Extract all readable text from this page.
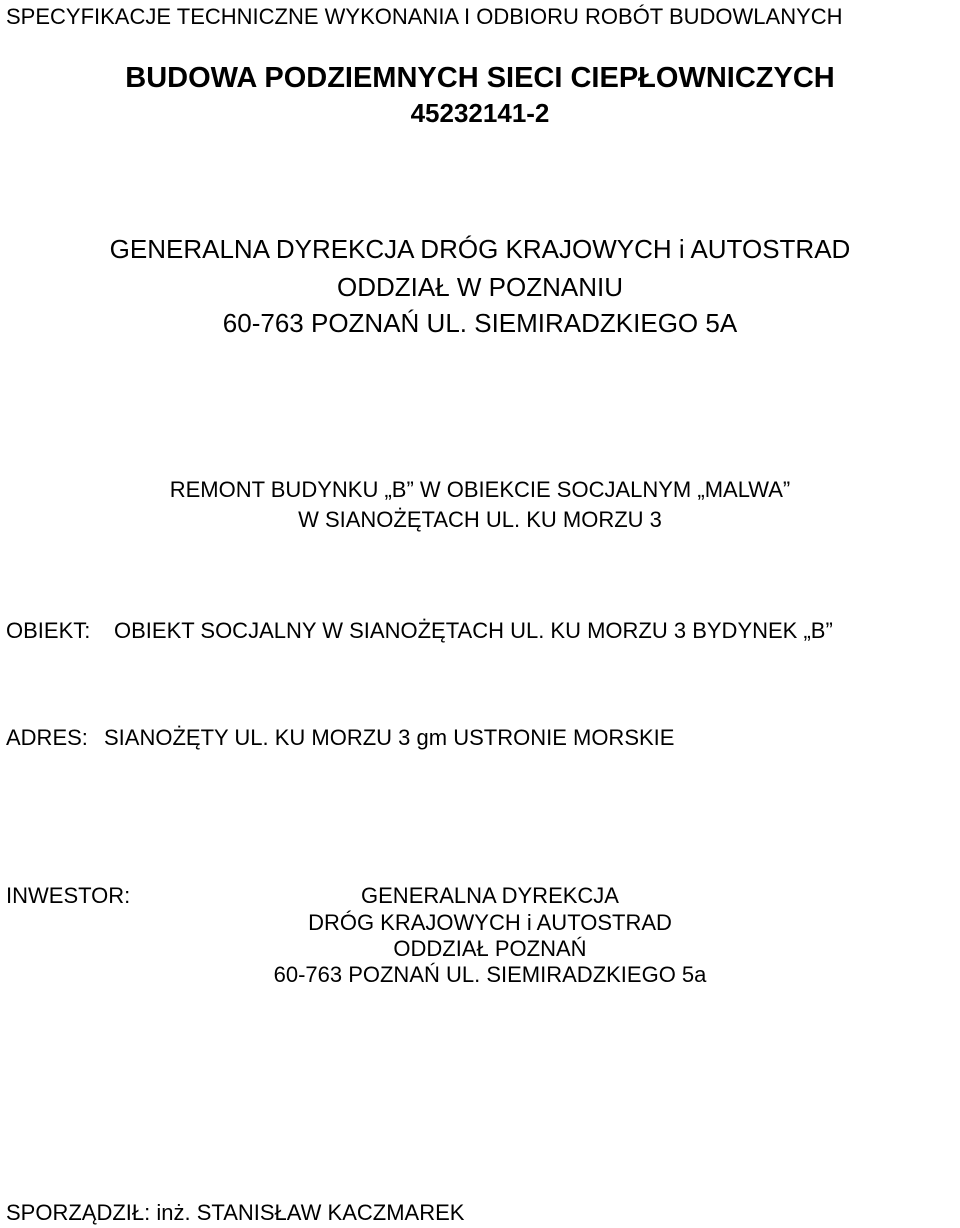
SPECYFIKACJE TECHNICZNE WYKONANIA I ODBIORU ROBÓT BUDOWLANYCH
BUDOWA PODZIEMNYCH SIECI CIEPŁOWNICZYCH
45232141-2
GENERALNA DYREKCJA DRÓG KRAJOWYCH i AUTOSTRAD
ODDZIAŁ W POZNANIU
60-763 POZNAŃ UL. SIEMIRADZKIEGO 5A
REMONT BUDYNKU „B” W OBIEKCIE SOCJALNYM „MALWA”
W SIANOŻĘTACH UL. KU MORZU 3
OBIEKT: OBIEKT SOCJALNY W SIANOŻĘTACH UL. KU MORZU 3 BYDYNEK „B”
ADRES: SIANOŻĘTY UL. KU MORZU 3 gm USTRONIE MORSKIE
INWESTOR:	GENERALNA DYREKCJA
DRÓG KRAJOWYCH i AUTOSTRAD
ODDZIAŁ POZNAŃ
60-763 POZNAŃ UL. SIEMIRADZKIEGO 5a
SPORZĄDZIŁ: inż. STANISŁAW KACZMAREK
